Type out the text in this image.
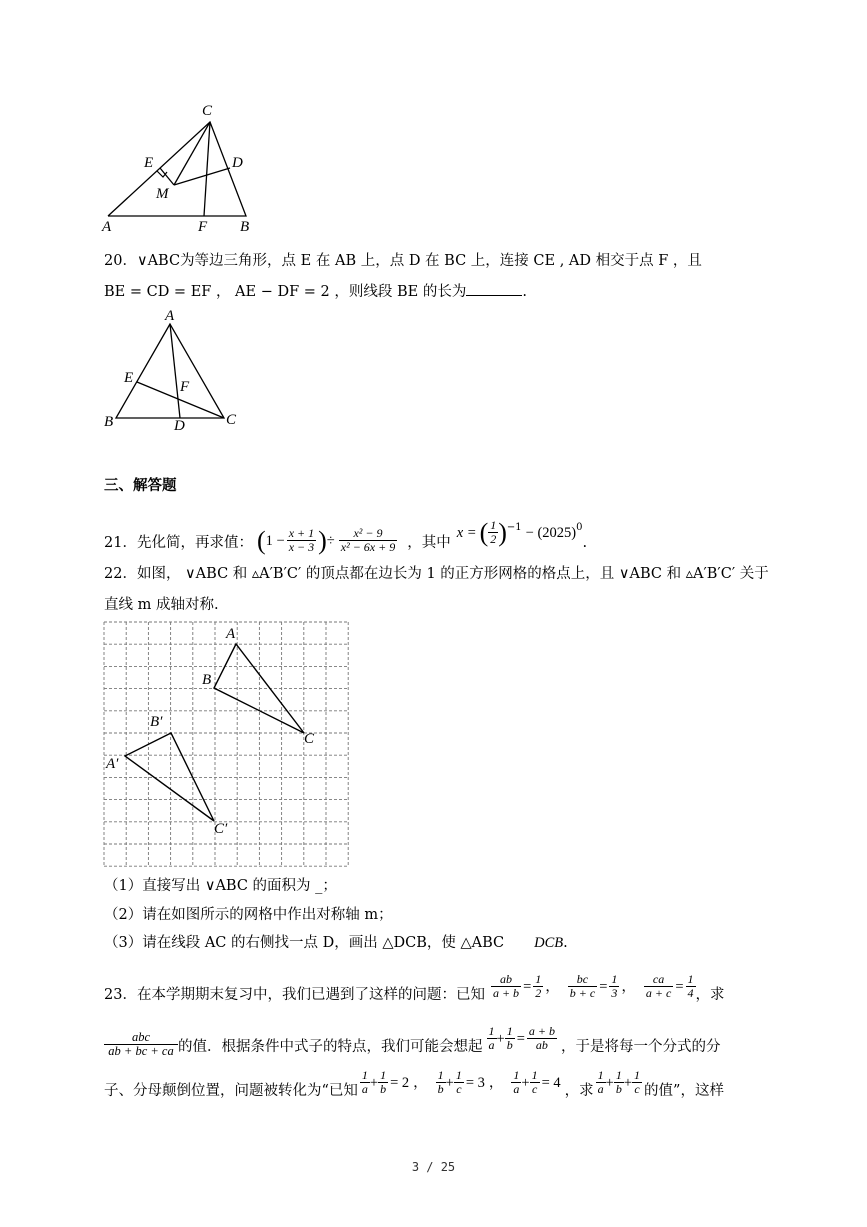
C
E	D
M
A	F B
20．∨ABC为等边三角形，点 E 在 AB 上，点 D 在 BC 上，连接 CE , AD 相交于点 F ，且
BE = CD = EF ， AE − DF = 2 ，则线段 BE 的长为	.
A
E
F
B	D	C
三、解答题
21．先化简，再求值： ( $1 - \frac{x + 1}{x - 3}$ ) ÷ $\frac{\text{x² − 9}}{\text{x² − 6x + 9}}$ ，其中
x = ( $\frac{1}{2} )^{-1} - (2025)^0$
.
22．如图， ∨ABC 和 ▵A′B′C′ 的顶点都在边长为 1 的正方形网格的格点上，且 ∨ABC 和 ▵A′B′C′ 关于
直线 m 成轴对称.
A
B
C
B′
A′
C′
（1）直接写出 ∨ABC 的面积为 _；
（2）请在如图所示的网格中作出对称轴 m；
（3）请在线段 AC 的右侧找一点 D，画出 △DCB，使 △ABC DCB.
23．在本学期期末复习中，我们已遇到了这样的问题：已知 $\frac{ab}{a + b} = \frac{1}{2}$ ， $\frac{bc}{b + c} = \frac{1}{3}$ ， $\frac{ca}{a + c} = \frac{1}{4}$ ，求
$\frac{\text{abc}}{ab + bc + ca}$ 的值．根据条件中式子的特点，我们可能会想起 $\frac{1}{a} + \frac{1}{b} = \frac{a + b}{ab}$ ，于是将每一个分式的分
子、分母颠倒位置，问题被转化为“已知 $\frac{1}{a} + \frac{1}{b} = 2$ ， $\frac{1}{b} + \frac{1}{c} = 3$ ， $\frac{1}{a} + \frac{1}{c} = 4$
，求 $\frac{1}{a} + \frac{1}{b} + \frac{1}{c}$ 的值”，这样
3 / 25
